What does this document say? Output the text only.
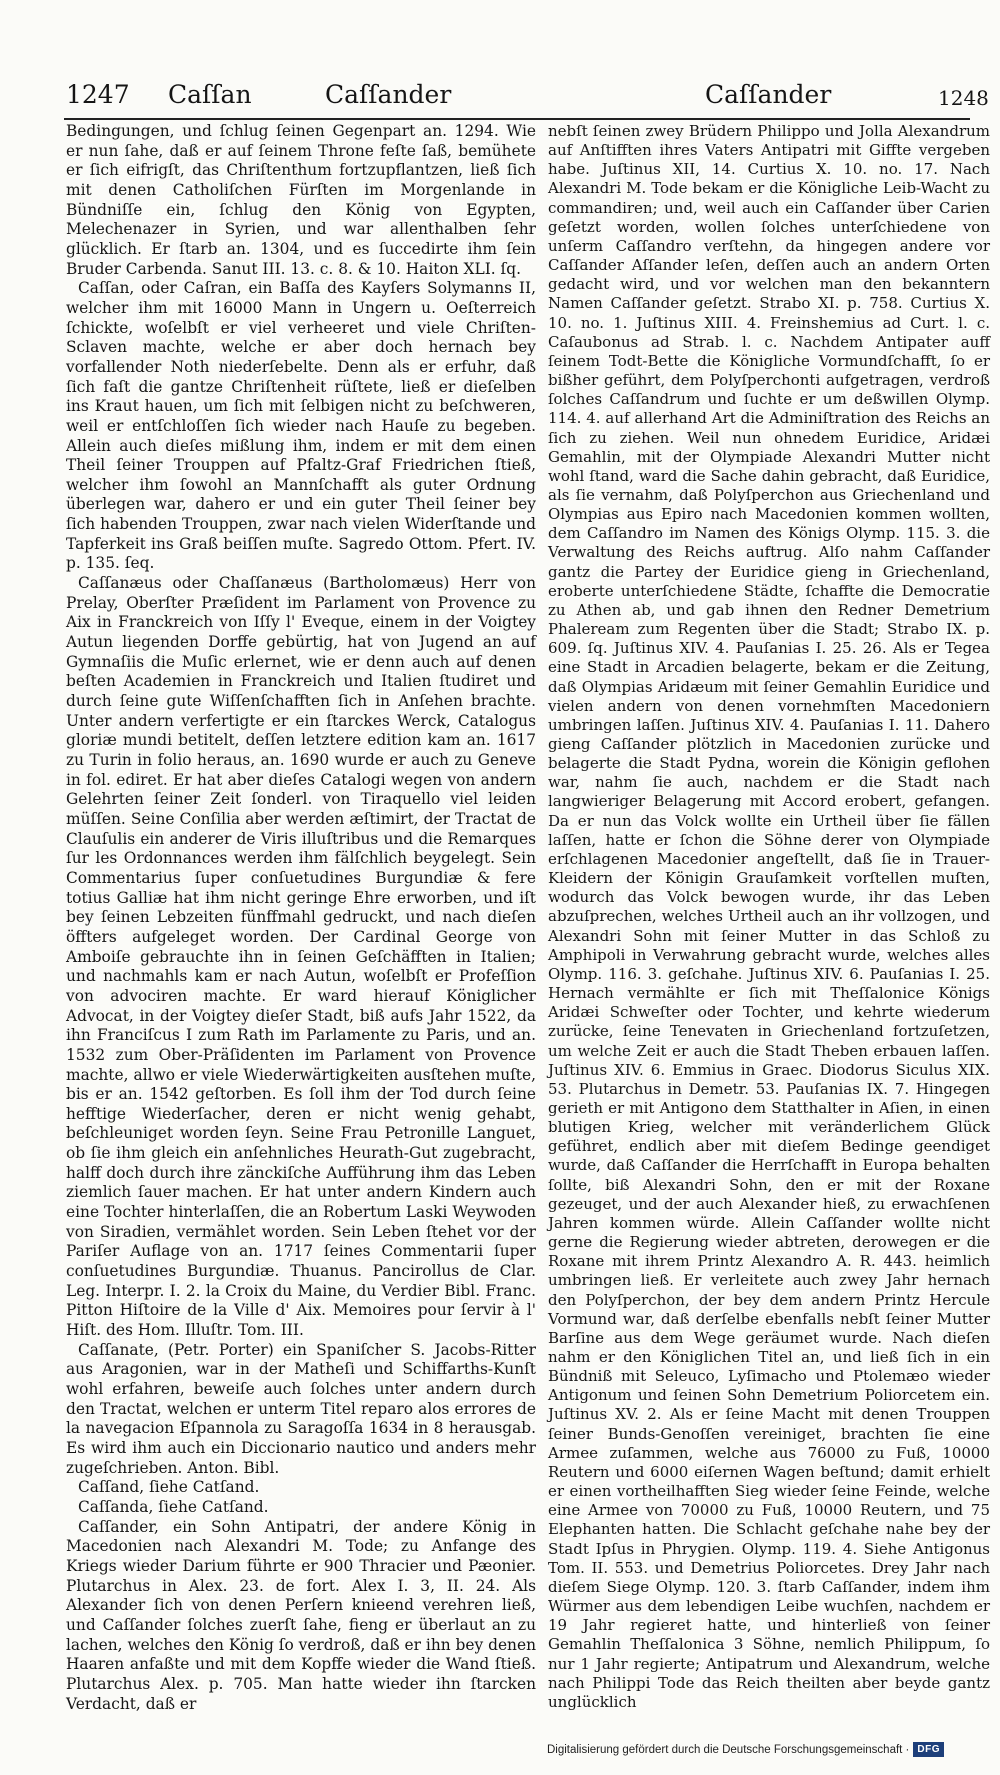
1247 Caſſan	Caſſander	Caſſander	1248

Bedingungen, und ſchlug ſeinen Gegenpart an. 1294. Wie er nun ſahe, daß er auf ſeinem Throne feſte ſaß, bemühete er ſich eifrigſt, das Chriſtenthum fortzupflantzen, ließ ſich mit denen Catholiſchen Fürſten im Morgenlande in Bündniſſe ein, ſchlug den König von Egypten, Melechenazer in Syrien, und war allenthalben ſehr glücklich. Er ſtarb an. 1304, und es ſuccedirte ihm ſein Bruder Carbenda. Sanut III. 13. c. 8. & 10. Haiton XLI. ſq.

Caſſan, oder Caſran, ein Baſſa des Kayſers Solymanns II, welcher ihm mit 16000 Mann in Ungern u. Oeſterreich ſchickte, woſelbſt er viel verheeret und viele Chriſten-Sclaven machte, welche er aber doch hernach bey vorfallender Noth niederſebelte. Denn als er erfuhr, daß ſich faſt die gantze Chriſtenheit rüſtete, ließ er dieſelben ins Kraut hauen, um ſich mit ſelbigen nicht zu beſchweren, weil er entſchloſſen ſich wieder nach Hauſe zu begeben. Allein auch dieſes mißlung ihm, indem er mit dem einen Theil ſeiner Trouppen auf Pfaltz-Graf Friedrichen ſtieß, welcher ihm ſowohl an Mannſchafft als guter Ordnung überlegen war, dahero er und ein guter Theil ſeiner bey ſich habenden Trouppen, zwar nach vielen Widerſtande und Tapferkeit ins Graß beiſſen muſte. Sagredo Ottom. Pfert. IV. p. 135. ſeq.

Caſſanæus oder Chaſſanæus (Bartholomæus) Herr von Prelay, Oberſter Præſident im Parlament von Provence zu Aix in Franckreich von Iſſy l' Eveque, einem in der Voigtey Autun liegenden Dorffe gebürtig, hat von Jugend an auf Gymnaſiis die Muſic erlernet, wie er denn auch auf denen beſten Academien in Franckreich und Italien ſtudiret und durch ſeine gute Wiſſenſchafften ſich in Anſehen brachte. Unter andern verfertigte er ein ſtarckes Werck, Catalogus gloriæ mundi betitelt, deſſen letztere edition kam an. 1617 zu Turin in folio heraus, an. 1690 wurde er auch zu Geneve in fol. ediret. Er hat aber dieſes Catalogi wegen von andern Gelehrten ſeiner Zeit ſonderl. von Tiraquello viel leiden müſſen. Seine Conſilia aber werden æſtimirt, der Tractat de Clauſulis ein anderer de Viris illuſtribus und die Remarques ſur les Ordonnances werden ihm fälſchlich beygelegt. Sein Commentarius ſuper conſuetudines Burgundiæ & fere totius Galliæ hat ihm nicht geringe Ehre erworben, und iſt bey ſeinen Lebzeiten fünffmahl gedruckt, und nach dieſen öffters aufgeleget worden. Der Cardinal George von Amboiſe gebrauchte ihn in ſeinen Geſchäfften in Italien; und nachmahls kam er nach Autun, woſelbſt er Profeſſion von advociren machte. Er ward hierauf Königlicher Advocat, in der Voigtey dieſer Stadt, biß aufs Jahr 1522, da ihn Franciſcus I zum Rath im Parlamente zu Paris, und an. 1532 zum Ober-Präſidenten im Parlament von Provence machte, allwo er viele Wiederwärtigkeiten ausſtehen muſte, bis er an. 1542 geſtorben. Es ſoll ihm der Tod durch ſeine hefftige Wiederſacher, deren er nicht wenig gehabt, beſchleuniget worden ſeyn. Seine Frau Petronille Languet, ob ſie ihm gleich ein anſehnliches Heurath-Gut zugebracht, halff doch durch ihre zänckiſche Aufführung ihm das Leben ziemlich ſauer machen. Er hat unter andern Kindern auch eine Tochter hinterlaſſen, die an Robertum Laski Weywoden von Siradien, vermählet worden. Sein Leben ſtehet vor der Pariſer Auflage von an. 1717 ſeines Commentarii ſuper conſuetudines Burgundiæ. Thuanus. Pancirollus de Clar. Leg. Interpr. I. 2. la Croix du Maine, du Verdier Bibl. Franc. Pitton Hiſtoire de la Ville d' Aix. Memoires pour ſervir à l' Hiſt. des Hom. Illuſtr. Tom. III.

Caſſanate, (Petr. Porter) ein Spaniſcher S. Jacobs-Ritter aus Aragonien, war in der Matheſi und Schiffarths-Kunſt wohl erfahren, beweiſe auch ſolches unter andern durch den Tractat, welchen er unterm Titel reparo alos errores de la navegacion Eſpannola zu Saragoſſa 1634 in 8 herausgab. Es wird ihm auch ein Diccionario nautico und anders mehr zugeſchrieben. Anton. Bibl.

Caſſand, ſiehe Catſand.

Caſſanda, ſiehe Catſand.

Caſſander, ein Sohn Antipatri, der andere König in Macedonien nach Alexandri M. Tode; zu Anfange des Kriegs wieder Darium führte er 900 Thracier und Pæonier. Plutarchus in Alex. 23. de fort. Alex I. 3, II. 24. Als Alexander ſich von denen Perſern knieend verehren ließ, und Caſſander ſolches zuerſt ſahe, fieng er überlaut an zu lachen, welches den König ſo verdroß, daß er ihn bey denen Haaren anfaßte und mit dem Kopffe wieder die Wand ſtieß. Plutarchus Alex. p. 705. Man hatte wieder ihn ſtarcken Verdacht, daß er

nebſt ſeinen zwey Brüdern Philippo und Jolla Alexandrum auf Anſtifften ihres Vaters Antipatri mit Giffte vergeben habe. Juſtinus XII, 14. Curtius X. 10. no. 17. Nach Alexandri M. Tode bekam er die Königliche Leib-Wacht zu commandiren; und, weil auch ein Caſſander über Carien geſetzt worden, wollen ſolches unterſchiedene von unſerm Caſſandro verſtehn, da hingegen andere vor Caſſander Aſſander leſen, deſſen auch an andern Orten gedacht wird, und vor welchen man den bekanntern Namen Caſſander geſetzt. Strabo XI. p. 758. Curtius X. 10. no. 1. Juſtinus XIII. 4. Freinshemius ad Curt. l. c. Caſaubonus ad Strab. l. c. Nachdem Antipater auff ſeinem Todt-Bette die Königliche Vormundſchafft, ſo er bißher geführt, dem Polyſperchonti aufgetragen, verdroß ſolches Caſſandrum und ſuchte er um deßwillen Olymp. 114. 4. auf allerhand Art die Adminiſtration des Reichs an ſich zu ziehen. Weil nun ohnedem Euridice, Aridæi Gemahlin, mit der Olympiade Alexandri Mutter nicht wohl ſtand, ward die Sache dahin gebracht, daß Euridice, als ſie vernahm, daß Polyſperchon aus Griechenland und Olympias aus Epiro nach Macedonien kommen wollten, dem Caſſandro im Namen des Königs Olymp. 115. 3. die Verwaltung des Reichs auftrug. Alſo nahm Caſſander gantz die Partey der Euridice gieng in Griechenland, eroberte unterſchiedene Städte, ſchaffte die Democratie zu Athen ab, und gab ihnen den Redner Demetrium Phaleream zum Regenten über die Stadt; Strabo IX. p. 609. ſq. Juſtinus XIV. 4. Pauſanias I. 25. 26. Als er Tegea eine Stadt in Arcadien belagerte, bekam er die Zeitung, daß Olympias Aridæum mit ſeiner Gemahlin Euridice und vielen andern von denen vornehmſten Macedoniern umbringen laſſen. Juſtinus XIV. 4. Pauſanias I. 11. Dahero gieng Caſſander plötzlich in Macedonien zurücke und belagerte die Stadt Pydna, worein die Königin geflohen war, nahm ſie auch, nachdem er die Stadt nach langwieriger Belagerung mit Accord erobert, gefangen. Da er nun das Volck wollte ein Urtheil über ſie fällen laſſen, hatte er ſchon die Söhne derer von Olympiade erſchlagenen Macedonier angeſtellt, daß ſie in Trauer-Kleidern der Königin Grauſamkeit vorſtellen muſten, wodurch das Volck bewogen wurde, ihr das Leben abzuſprechen, welches Urtheil auch an ihr vollzogen, und Alexandri Sohn mit ſeiner Mutter in das Schloß zu Amphipoli in Verwahrung gebracht wurde, welches alles Olymp. 116. 3. geſchahe. Juſtinus XIV. 6. Pauſanias I. 25. Hernach vermählte er ſich mit Theſſalonice Königs Aridæi Schweſter oder Tochter, und kehrte wiederum zurücke, ſeine Tenevaten in Griechenland fortzuſetzen, um welche Zeit er auch die Stadt Theben erbauen laſſen. Juſtinus XIV. 6. Emmius in Graec. Diodorus Siculus XIX. 53. Plutarchus in Demetr. 53. Pauſanias IX. 7. Hingegen gerieth er mit Antigono dem Statthalter in Aſien, in einen blutigen Krieg, welcher mit veränderlichem Glück geführet, endlich aber mit dieſem Bedinge geendiget wurde, daß Caſſander die Herrſchafft in Europa behalten ſollte, biß Alexandri Sohn, den er mit der Roxane gezeuget, und der auch Alexander hieß, zu erwachſenen Jahren kommen würde. Allein Caſſander wollte nicht gerne die Regierung wieder abtreten, derowegen er die Roxane mit ihrem Printz Alexandro A. R. 443. heimlich umbringen ließ. Er verleitete auch zwey Jahr hernach den Polyſperchon, der bey dem andern Printz Hercule Vormund war, daß derſelbe ebenfalls nebſt ſeiner Mutter Barſine aus dem Wege geräumet wurde. Nach dieſen nahm er den Königlichen Titel an, und ließ ſich in ein Bündniß mit Seleuco, Lyſimacho und Ptolemæo wieder Antigonum und ſeinen Sohn Demetrium Poliorcetem ein. Juſtinus XV. 2. Als er ſeine Macht mit denen Trouppen ſeiner Bunds-Genoſſen vereiniget, brachten ſie eine Armee zuſammen, welche aus 76000 zu Fuß, 10000 Reutern und 6000 eiſernen Wagen beſtund; damit erhielt er einen vortheilhafften Sieg wieder ſeine Feinde, welche eine Armee von 70000 zu Fuß, 10000 Reutern, und 75 Elephanten hatten. Die Schlacht geſchahe nahe bey der Stadt Ipſus in Phrygien. Olymp. 119. 4. Siehe Antigonus Tom. II. 553. und Demetrius Poliorcetes. Drey Jahr nach dieſem Siege Olymp. 120. 3. ſtarb Caſſander, indem ihm Würmer aus dem lebendigen Leibe wuchſen, nachdem er 19 Jahr regieret hatte, und hinterließ von ſeiner Gemahlin Theſſalonica 3 Söhne, nemlich Philippum, ſo nur 1 Jahr regierte; Antipatrum und Alexandrum, welche nach Philippi Tode das Reich theilten aber beyde gantz unglücklich

Digitalisierung gefördert durch die Deutsche Forschungsgemeinschaft · DFG
